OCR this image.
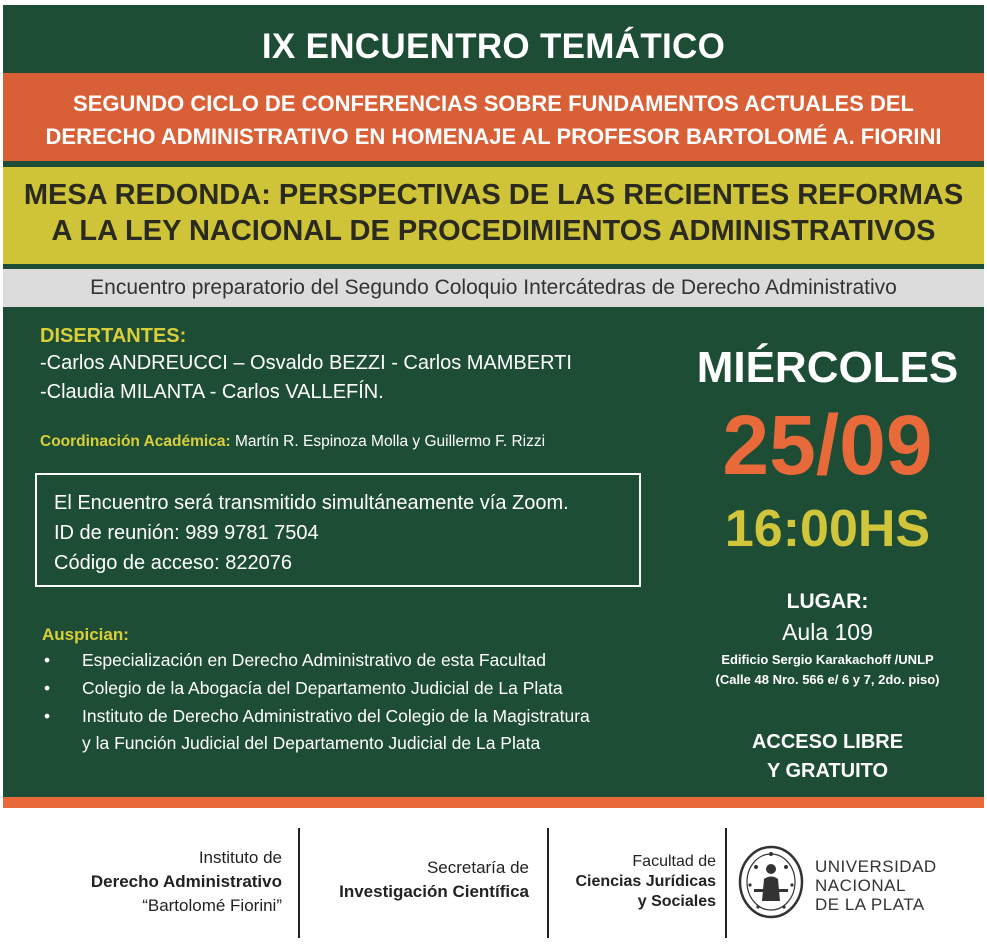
IX ENCUENTRO TEMÁTICO
SEGUNDO CICLO DE CONFERENCIAS SOBRE FUNDAMENTOS ACTUALES DEL
DERECHO ADMINISTRATIVO EN HOMENAJE AL PROFESOR BARTOLOMÉ A. FIORINI
MESA REDONDA: PERSPECTIVAS DE LAS RECIENTES REFORMAS
A LA LEY NACIONAL DE PROCEDIMIENTOS ADMINISTRATIVOS
Encuentro preparatorio del Segundo Coloquio Intercátedras de Derecho Administrativo
DISERTANTES:
-Carlos ANDREUCCI – Osvaldo BEZZI - Carlos MAMBERTI
-Claudia MILANTA - Carlos VALLEFÍN.
Coordinación Académica: Martín R. Espinoza Molla y Guillermo F. Rizzi
El Encuentro será transmitido simultáneamente vía Zoom.
ID de reunión: 989 9781 7504
Código de acceso: 822076
Auspician:
• Especialización en Derecho Administrativo de esta Facultad
• Colegio de la Abogacía del Departamento Judicial de La Plata
• Instituto de Derecho Administrativo del Colegio de la Magistratura
y la Función Judicial del Departamento Judicial de La Plata
MIÉRCOLES
25/09
16:00HS
LUGAR:
Aula 109
Edificio Sergio Karakachoff /UNLP
(Calle 48 Nro. 566 e/ 6 y 7, 2do. piso)
ACCESO LIBRE
Y GRATUITO
Instituto de
Derecho Administrativo
“Bartolomé Fiorini”
Secretaría de
Investigación Científica
Facultad de
Ciencias Jurídicas
y Sociales
UNIVERSIDAD
NACIONAL
DE LA PLATA
